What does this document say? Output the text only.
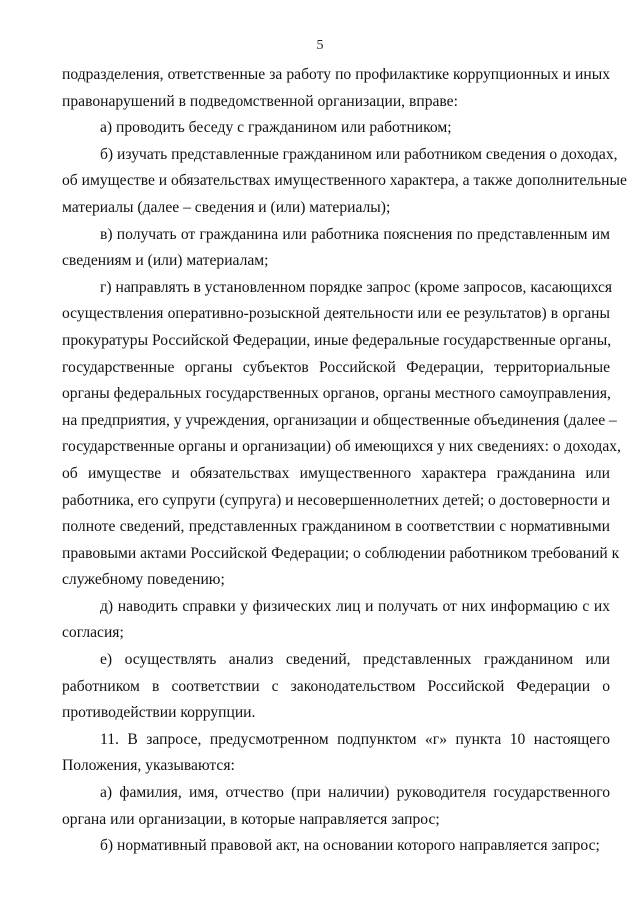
5

подразделения, ответственные за работу по профилактике коррупционных и иных
правонарушений в подведомственной организации, вправе:

а) проводить беседу с гражданином или работником;

б) изучать представленные гражданином или работником сведения о доходах,
об имуществе и обязательствах имущественного характера, а также дополнительные
материалы (далее – сведения и (или) материалы);

в) получать от гражданина или работника пояснения по представленным им
сведениям и (или) материалам;

г) направлять в установленном порядке запрос (кроме запросов, касающихся
осуществления оперативно-розыскной деятельности или ее результатов) в органы
прокуратуры Российской Федерации, иные федеральные государственные органы,
государственные органы субъектов Российской Федерации, территориальные
органы федеральных государственных органов, органы местного самоуправления,
на предприятия, у учреждения, организации и общественные объединения (далее –
государственные органы и организации) об имеющихся у них сведениях: о доходах,
об имуществе и обязательствах имущественного характера гражданина или
работника, его супруги (супруга) и несовершеннолетних детей; о достоверности и
полноте сведений, представленных гражданином в соответствии с нормативными
правовыми актами Российской Федерации; о соблюдении работником требований к
служебному поведению;

д) наводить справки у физических лиц и получать от них информацию с их
согласия;

е) осуществлять анализ сведений, представленных гражданином или
работником в соответствии с законодательством Российской Федерации о
противодействии коррупции.

11. В запросе, предусмотренном подпунктом «г» пункта 10 настоящего
Положения, указываются:

а) фамилия, имя, отчество (при наличии) руководителя государственного
органа или организации, в которые направляется запрос;

б) нормативный правовой акт, на основании которого направляется запрос;
